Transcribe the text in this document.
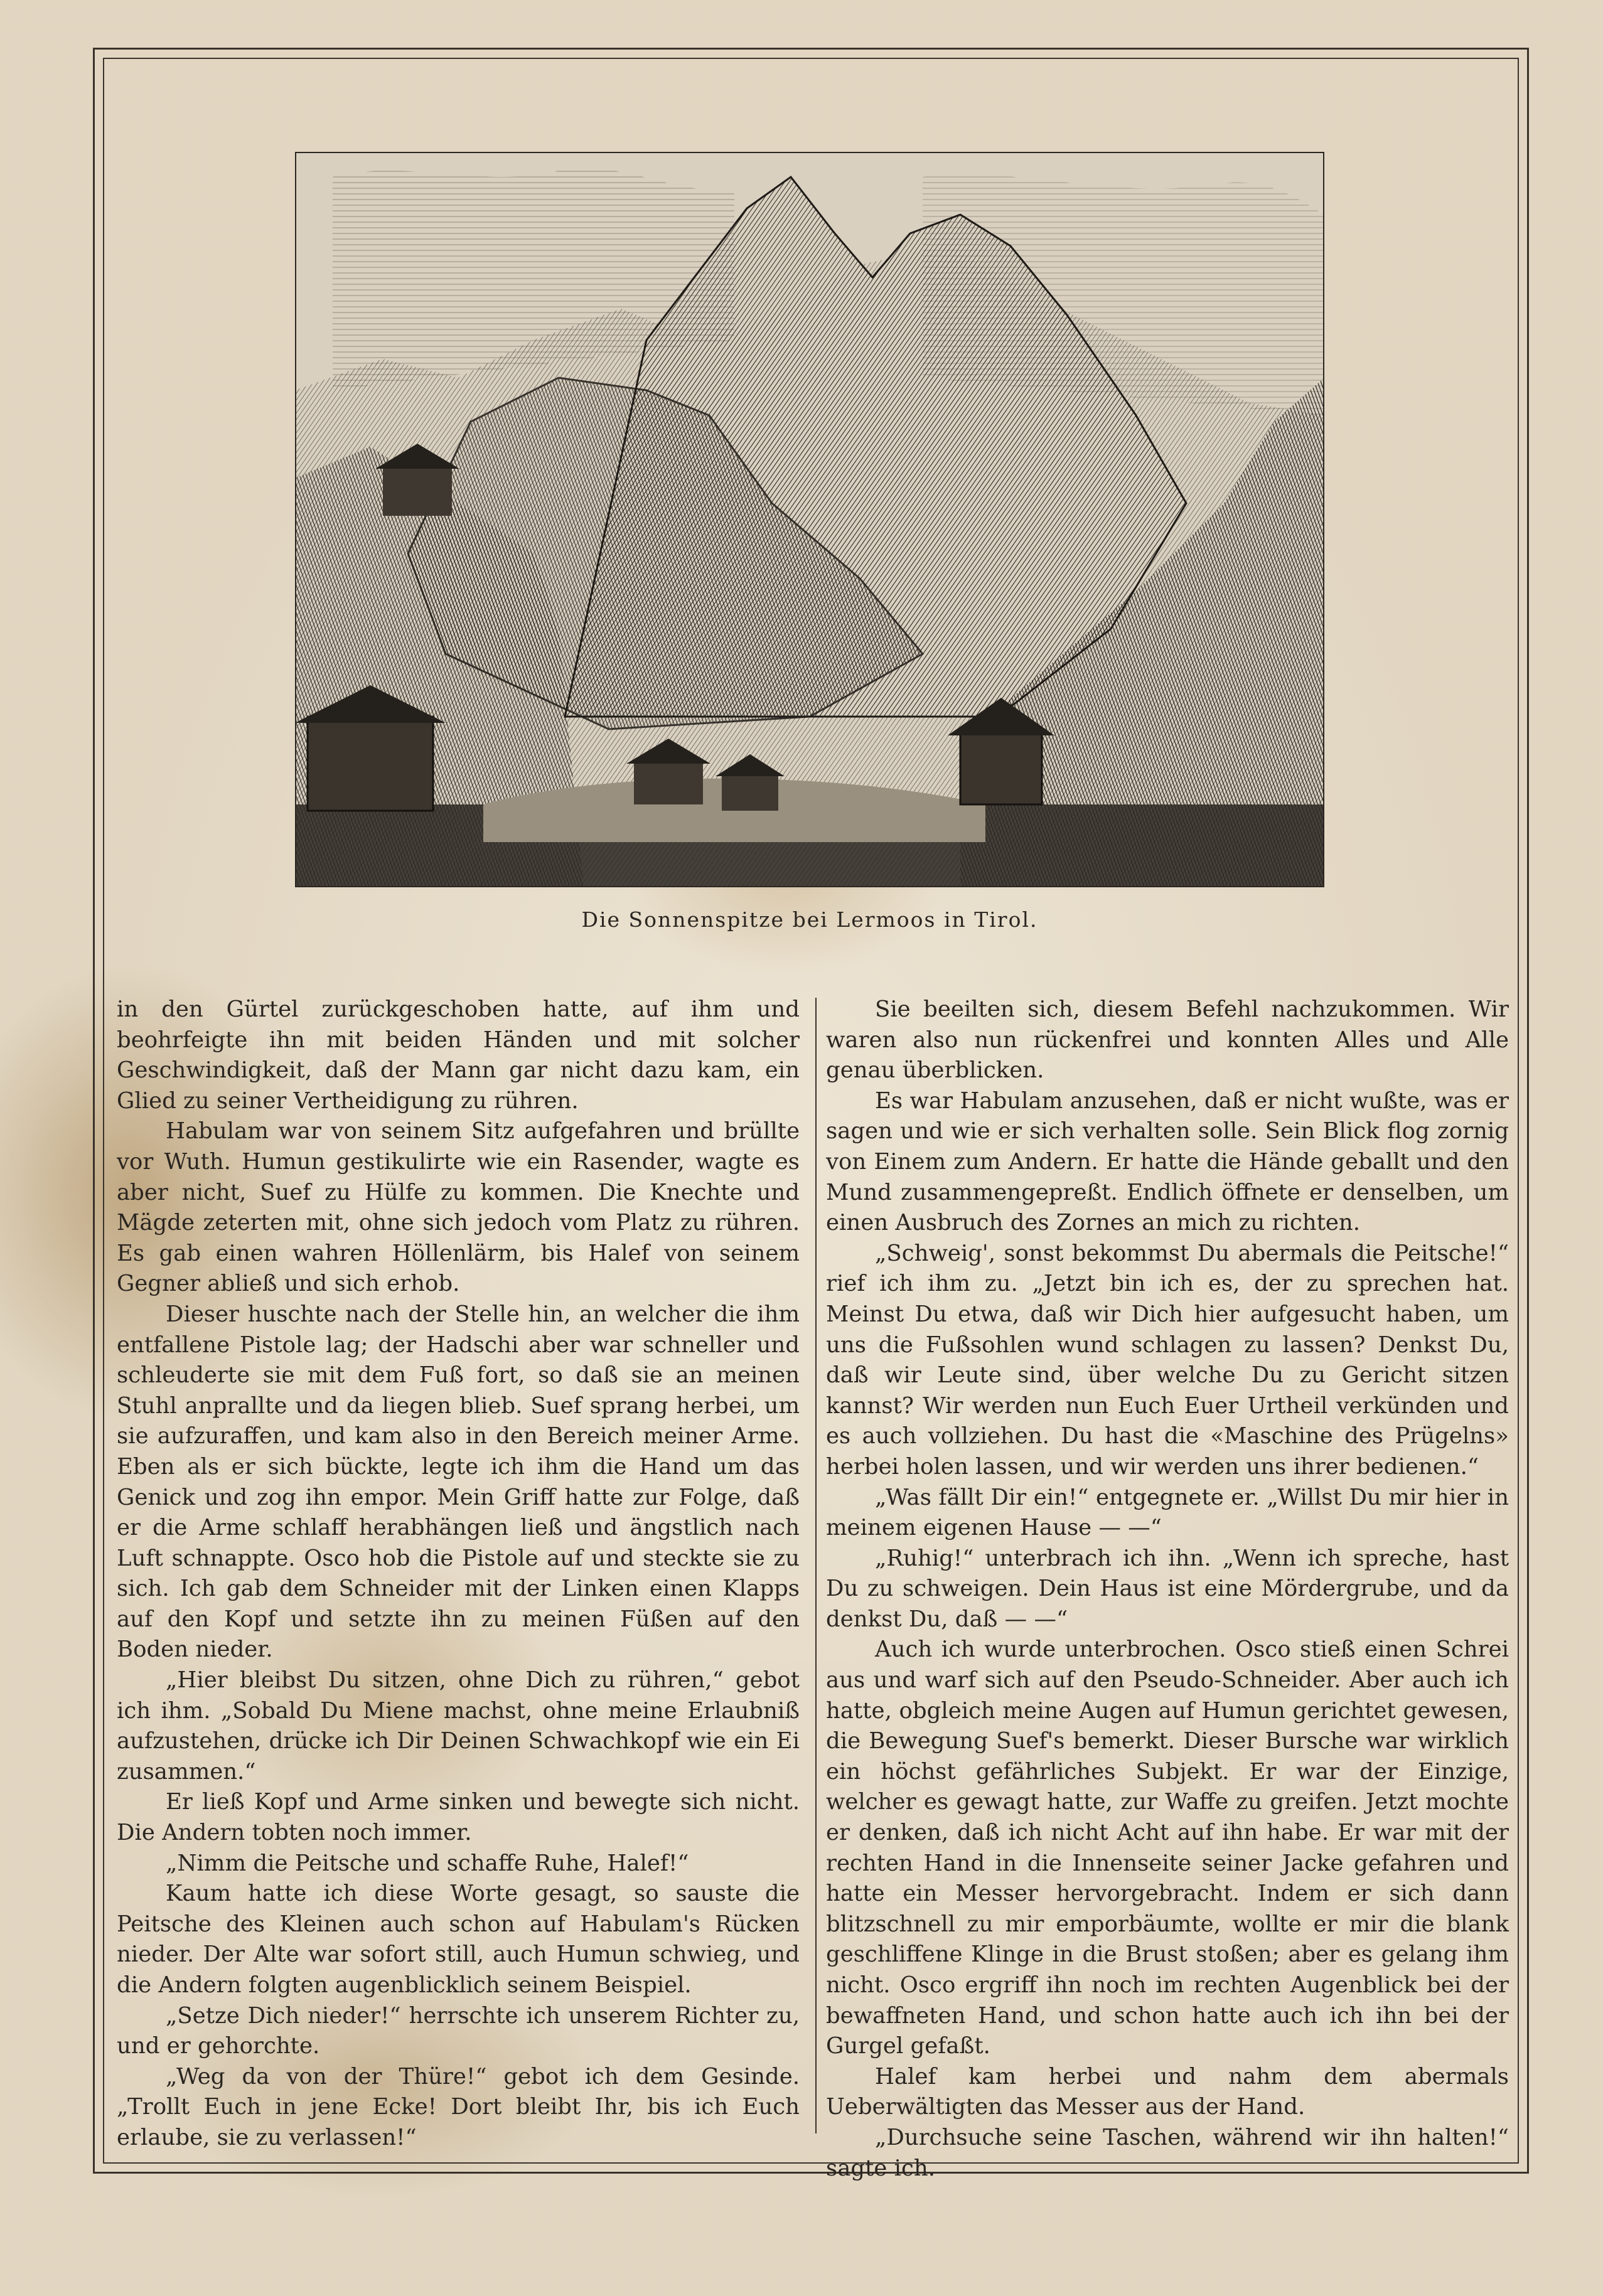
Die Sonnenspitze bei Lermoos in Tirol.

in den Gürtel zurückgeschoben hatte, auf ihm und beohrfeigte ihn mit beiden Händen und mit solcher Geschwindigkeit, daß der Mann gar nicht dazu kam, ein Glied zu seiner Vertheidigung zu rühren.

Habulam war von seinem Sitz aufgefahren und brüllte vor Wuth. Humun gestikulirte wie ein Rasender, wagte es aber nicht, Suef zu Hülfe zu kommen. Die Knechte und Mägde zeterten mit, ohne sich jedoch vom Platz zu rühren. Es gab einen wahren Höllenlärm, bis Halef von seinem Gegner abließ und sich erhob.

Dieser huschte nach der Stelle hin, an welcher die ihm entfallene Pistole lag; der Hadschi aber war schneller und schleuderte sie mit dem Fuß fort, so daß sie an meinen Stuhl anprallte und da liegen blieb. Suef sprang herbei, um sie aufzuraffen, und kam also in den Bereich meiner Arme. Eben als er sich bückte, legte ich ihm die Hand um das Genick und zog ihn empor. Mein Griff hatte zur Folge, daß er die Arme schlaff herabhängen ließ und ängstlich nach Luft schnappte. Osco hob die Pistole auf und steckte sie zu sich. Ich gab dem Schneider mit der Linken einen Klapps auf den Kopf und setzte ihn zu meinen Füßen auf den Boden nieder.

„Hier bleibst Du sitzen, ohne Dich zu rühren,“ gebot ich ihm. „Sobald Du Miene machst, ohne meine Erlaubniß aufzustehen, drücke ich Dir Deinen Schwachkopf wie ein Ei zusammen.“

Er ließ Kopf und Arme sinken und bewegte sich nicht. Die Andern tobten noch immer.

„Nimm die Peitsche und schaffe Ruhe, Halef!“

Kaum hatte ich diese Worte gesagt, so sauste die Peitsche des Kleinen auch schon auf Habulam's Rücken nieder. Der Alte war sofort still, auch Humun schwieg, und die Andern folgten augenblicklich seinem Beispiel.

„Setze Dich nieder!“ herrschte ich unserem Richter zu, und er gehorchte.

„Weg da von der Thüre!“ gebot ich dem Gesinde. „Trollt Euch in jene Ecke! Dort bleibt Ihr, bis ich Euch erlaube, sie zu verlassen!“

Sie beeilten sich, diesem Befehl nachzukommen. Wir waren also nun rückenfrei und konnten Alles und Alle genau überblicken.

Es war Habulam anzusehen, daß er nicht wußte, was er sagen und wie er sich verhalten solle. Sein Blick flog zornig von Einem zum Andern. Er hatte die Hände geballt und den Mund zusammengepreßt. Endlich öffnete er denselben, um einen Ausbruch des Zornes an mich zu richten.

„Schweig', sonst bekommst Du abermals die Peitsche!“ rief ich ihm zu. „Jetzt bin ich es, der zu sprechen hat. Meinst Du etwa, daß wir Dich hier aufgesucht haben, um uns die Fußsohlen wund schlagen zu lassen? Denkst Du, daß wir Leute sind, über welche Du zu Gericht sitzen kannst? Wir werden nun Euch Euer Urtheil verkünden und es auch vollziehen. Du hast die «Maschine des Prügelns» herbei holen lassen, und wir werden uns ihrer bedienen.“

„Was fällt Dir ein!“ entgegnete er. „Willst Du mir hier in meinem eigenen Hause — —“

„Ruhig!“ unterbrach ich ihn. „Wenn ich spreche, hast Du zu schweigen. Dein Haus ist eine Mördergrube, und da denkst Du, daß — —“

Auch ich wurde unterbrochen. Osco stieß einen Schrei aus und warf sich auf den Pseudo-Schneider. Aber auch ich hatte, obgleich meine Augen auf Humun gerichtet gewesen, die Bewegung Suef's bemerkt. Dieser Bursche war wirklich ein höchst gefährliches Subjekt. Er war der Einzige, welcher es gewagt hatte, zur Waffe zu greifen. Jetzt mochte er denken, daß ich nicht Acht auf ihn habe. Er war mit der rechten Hand in die Innenseite seiner Jacke gefahren und hatte ein Messer hervorgebracht. Indem er sich dann blitzschnell zu mir emporbäumte, wollte er mir die blank geschliffene Klinge in die Brust stoßen; aber es gelang ihm nicht. Osco ergriff ihn noch im rechten Augenblick bei der bewaffneten Hand, und schon hatte auch ich ihn bei der Gurgel gefaßt.

Halef kam herbei und nahm dem abermals Ueberwältigten das Messer aus der Hand.

„Durchsuche seine Taschen, während wir ihn halten!“ sagte ich.
